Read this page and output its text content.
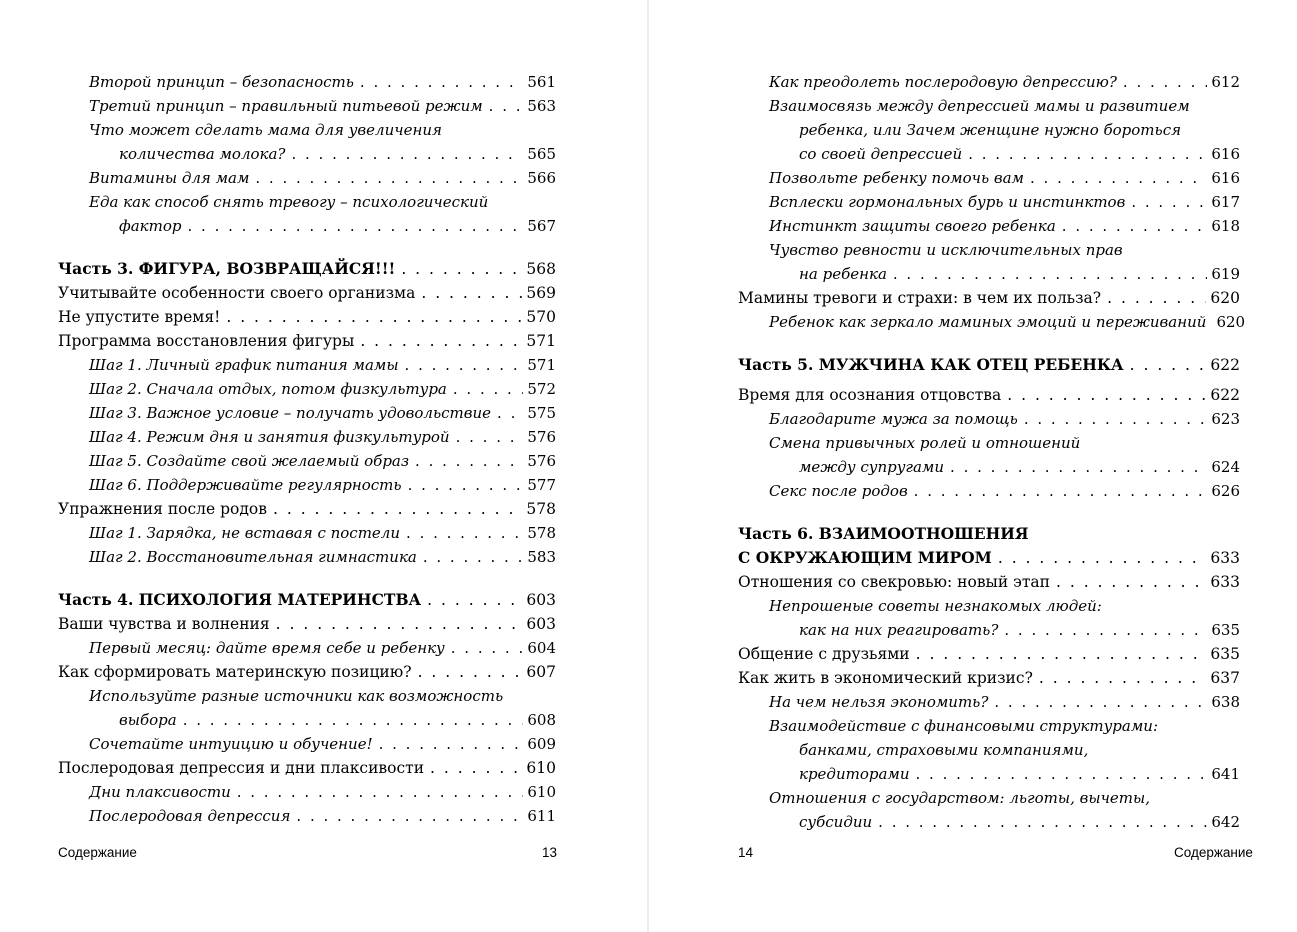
Второй принцип – безопасность . . .	561
Третий принцип – правильный питьевой режим . . .	563
Что может сделать мама для увеличения
количества молока? . . .	565
Витамины для мам . . .	566
Еда как способ снять тревогу – психологический
фактор . . .	567
Часть 3. ФИГУРА, ВОЗВРАЩАЙСЯ!!! . . .	568
Учитывайте особенности своего организма . . .	569
Не упустите время! . . .	570
Программа восстановления фигуры . . .	571
Шаг 1. Личный график питания мамы . . .	571
Шаг 2. Сначала отдых, потом физкультура . . .	572
Шаг 3. Важное условие – получать удовольствие . . .	575
Шаг 4. Режим дня и занятия физкультурой . . .	576
Шаг 5. Создайте свой желаемый образ . . .	576
Шаг 6. Поддерживайте регулярность . . .	577
Упражнения после родов . . .	578
Шаг 1. Зарядка, не вставая с постели . . .	578
Шаг 2. Восстановительная гимнастика . . .	583
Часть 4. ПСИХОЛОГИЯ МАТЕРИНСТВА . . .	603
Ваши чувства и волнения . . .	603
Первый месяц: дайте время себе и ребенку . . .	604
Как сформировать материнскую позицию? . . .	607
Используйте разные источники как возможность
выбора . . .	608
Сочетайте интуицию и обучение! . . .	609
Послеродовая депрессия и дни плаксивости . . .	610
Дни плаксивости . . .	610
Послеродовая депрессия . . .	611
Содержание	13
Как преодолеть послеродовую депрессию? . . .	612
Взаимосвязь между депрессией мамы и развитием
ребенка, или Зачем женщине нужно бороться
со своей депрессией . . .	616
Позвольте ребенку помочь вам . . .	616
Всплески гормональных бурь и инстинктов . . .	617
Инстинкт защиты своего ребенка . . .	618
Чувство ревности и исключительных прав
на ребенка . . .	619
Мамины тревоги и страхи: в чем их польза? . . .	620
Ребенок как зеркало маминых эмоций и переживаний 620
Часть 5. МУЖЧИНА КАК ОТЕЦ РЕБЕНКА . . .	622
Время для осознания отцовства . . .	622
Благодарите мужа за помощь . . .	623
Смена привычных ролей и отношений
между супругами . . .	624
Секс после родов . . .	626
Часть 6. ВЗАИМООТНОШЕНИЯ
С ОКРУЖАЮЩИМ МИРОМ . . .	633
Отношения со свекровью: новый этап . . .	633
Непрошеные советы незнакомых людей:
как на них реагировать? . . .	635
Общение с друзьями . . .	635
Как жить в экономический кризис? . . .	637
На чем нельзя экономить? . . .	638
Взаимодействие с финансовыми структурами:
банками, страховыми компаниями,
кредиторами . . .	641
Отношения с государством: льготы, вычеты,
субсидии . . .	642
14	Содержание
